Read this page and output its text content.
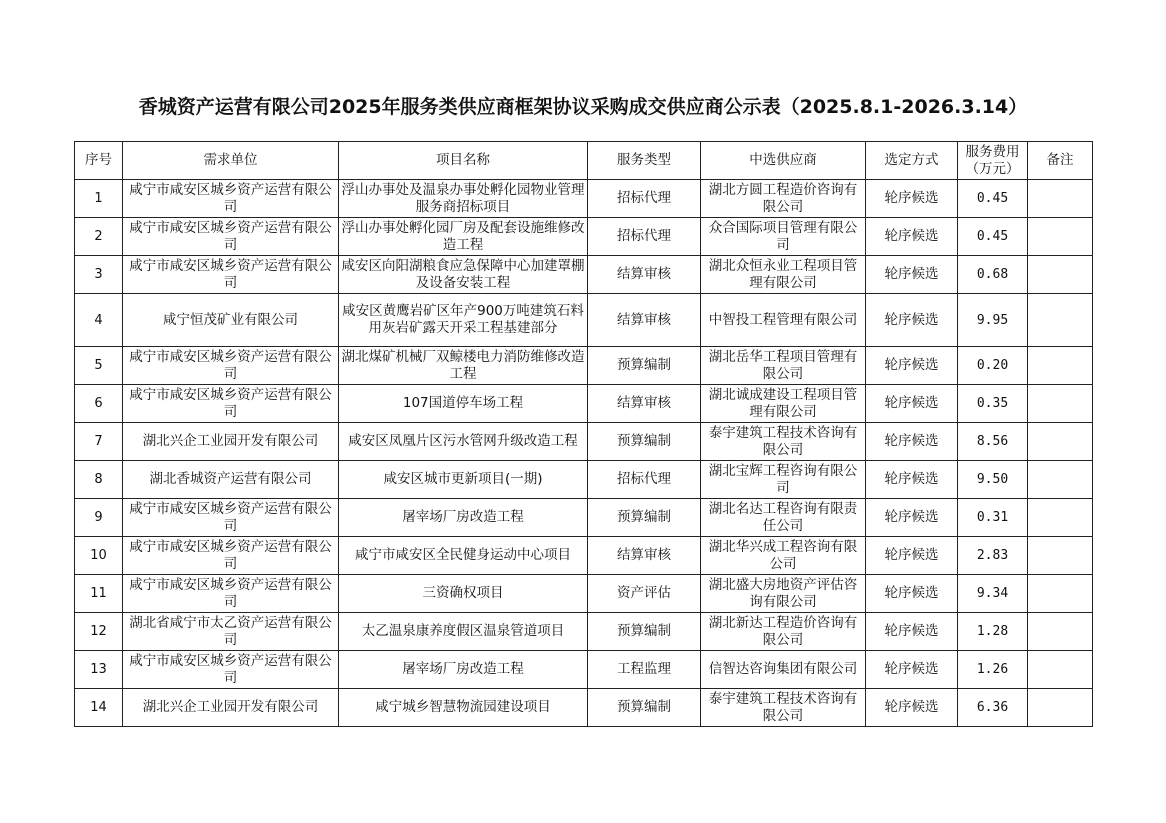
香城资产运营有限公司2025年服务类供应商框架协议采购成交供应商公示表（2025.8.1-2026.3.14）
序号	需求单位	项目名称	服务类型	中选供应商	选定方式	服务费用（万元）	备注
1	咸宁市咸安区城乡资产运营有限公司	浮山办事处及温泉办事处孵化园物业管理服务商招标项目	招标代理	湖北方圆工程造价咨询有限公司	轮序候选	0.45	
2	咸宁市咸安区城乡资产运营有限公司	浮山办事处孵化园厂房及配套设施维修改造工程	招标代理	众合国际项目管理有限公司	轮序候选	0.45	
3	咸宁市咸安区城乡资产运营有限公司	咸安区向阳湖粮食应急保障中心加建罩棚及设备安装工程	结算审核	湖北众恒永业工程项目管理有限公司	轮序候选	0.68	
4	咸宁恒茂矿业有限公司	咸安区黄鹰岩矿区年产900万吨建筑石料用灰岩矿露天开采工程基建部分	结算审核	中智投工程管理有限公司	轮序候选	9.95	
5	咸宁市咸安区城乡资产运营有限公司	湖北煤矿机械厂双鲸楼电力消防维修改造工程	预算编制	湖北岳华工程项目管理有限公司	轮序候选	0.20	
6	咸宁市咸安区城乡资产运营有限公司	107国道停车场工程	结算审核	湖北诚成建设工程项目管理有限公司	轮序候选	0.35	
7	湖北兴企工业园开发有限公司	咸安区凤凰片区污水管网升级改造工程	预算编制	泰宇建筑工程技术咨询有限公司	轮序候选	8.56	
8	湖北香城资产运营有限公司	咸安区城市更新项目(一期)	招标代理	湖北宝辉工程咨询有限公司	轮序候选	9.50	
9	咸宁市咸安区城乡资产运营有限公司	屠宰场厂房改造工程	预算编制	湖北名达工程咨询有限责任公司	轮序候选	0.31	
10	咸宁市咸安区城乡资产运营有限公司	咸宁市咸安区全民健身运动中心项目	结算审核	湖北华兴成工程咨询有限公司	轮序候选	2.83	
11	咸宁市咸安区城乡资产运营有限公司	三资确权项目	资产评估	湖北盛大房地资产评估咨询有限公司	轮序候选	9.34	
12	湖北省咸宁市太乙资产运营有限公司	太乙温泉康养度假区温泉管道项目	预算编制	湖北新达工程造价咨询有限公司	轮序候选	1.28	
13	咸宁市咸安区城乡资产运营有限公司	屠宰场厂房改造工程	工程监理	信智达咨询集团有限公司	轮序候选	1.26	
14	湖北兴企工业园开发有限公司	咸宁城乡智慧物流园建设项目	预算编制	泰宇建筑工程技术咨询有限公司	轮序候选	6.36	
